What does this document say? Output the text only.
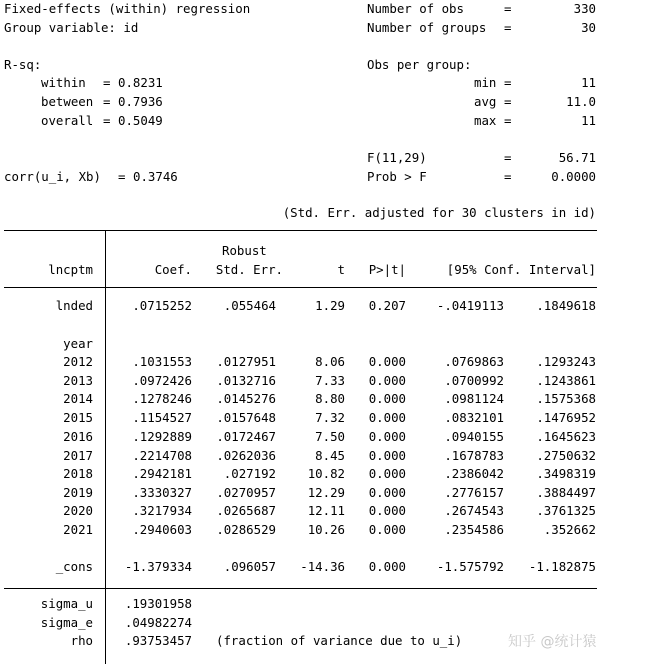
Fixed-effects (within) regression
Group variable: id
R-sq:
within = 0.8231
between = 0.7936
overall = 0.5049
corr(u_i, Xb) = 0.3746
Number of obs	=	330
Number of groups =	30
Obs per group:
min =	11
avg =	11.0
max =	11
F(11,29)	=	56.71
Prob > F	=	0.0000
(Std. Err. adjusted for 30 clusters in id)
lncptm
Robust
Coef.	Std. Err.	t	P>|t|	[95% Conf. Interval]
lnded	.0715252	.055464	1.29	0.207	-.0419113	.1849618
year
2012	.1031553	.0127951	8.06	0.000	.0769863	.1293243
2013	.0972426	.0132716	7.33	0.000	.0700992	.1243861
2014	.1278246	.0145276	8.80	0.000	.0981124	.1575368
2015	.1154527	.0157648	7.32	0.000	.0832101	.1476952
2016	.1292889	.0172467	7.50	0.000	.0940155	.1645623
2017	.2214708	.0262036	8.45	0.000	.1678783	.2750632
2018	.2942181	.027192	10.82	0.000	.2386042	.3498319
2019	.3330327	.0270957	12.29	0.000	.2776157	.3884497
2020	.3217934	.0265687	12.11	0.000	.2674543	.3761325
2021	.2940603	.0286529	10.26	0.000	.2354586	.352662
_cons	-1.379334	.096057	-14.36	0.000	-1.575792	-1.182875
sigma_u	.19301958
sigma_e	.04982274
rho	.93753457 (fraction of variance due to u_i)	知乎 @统计猿
